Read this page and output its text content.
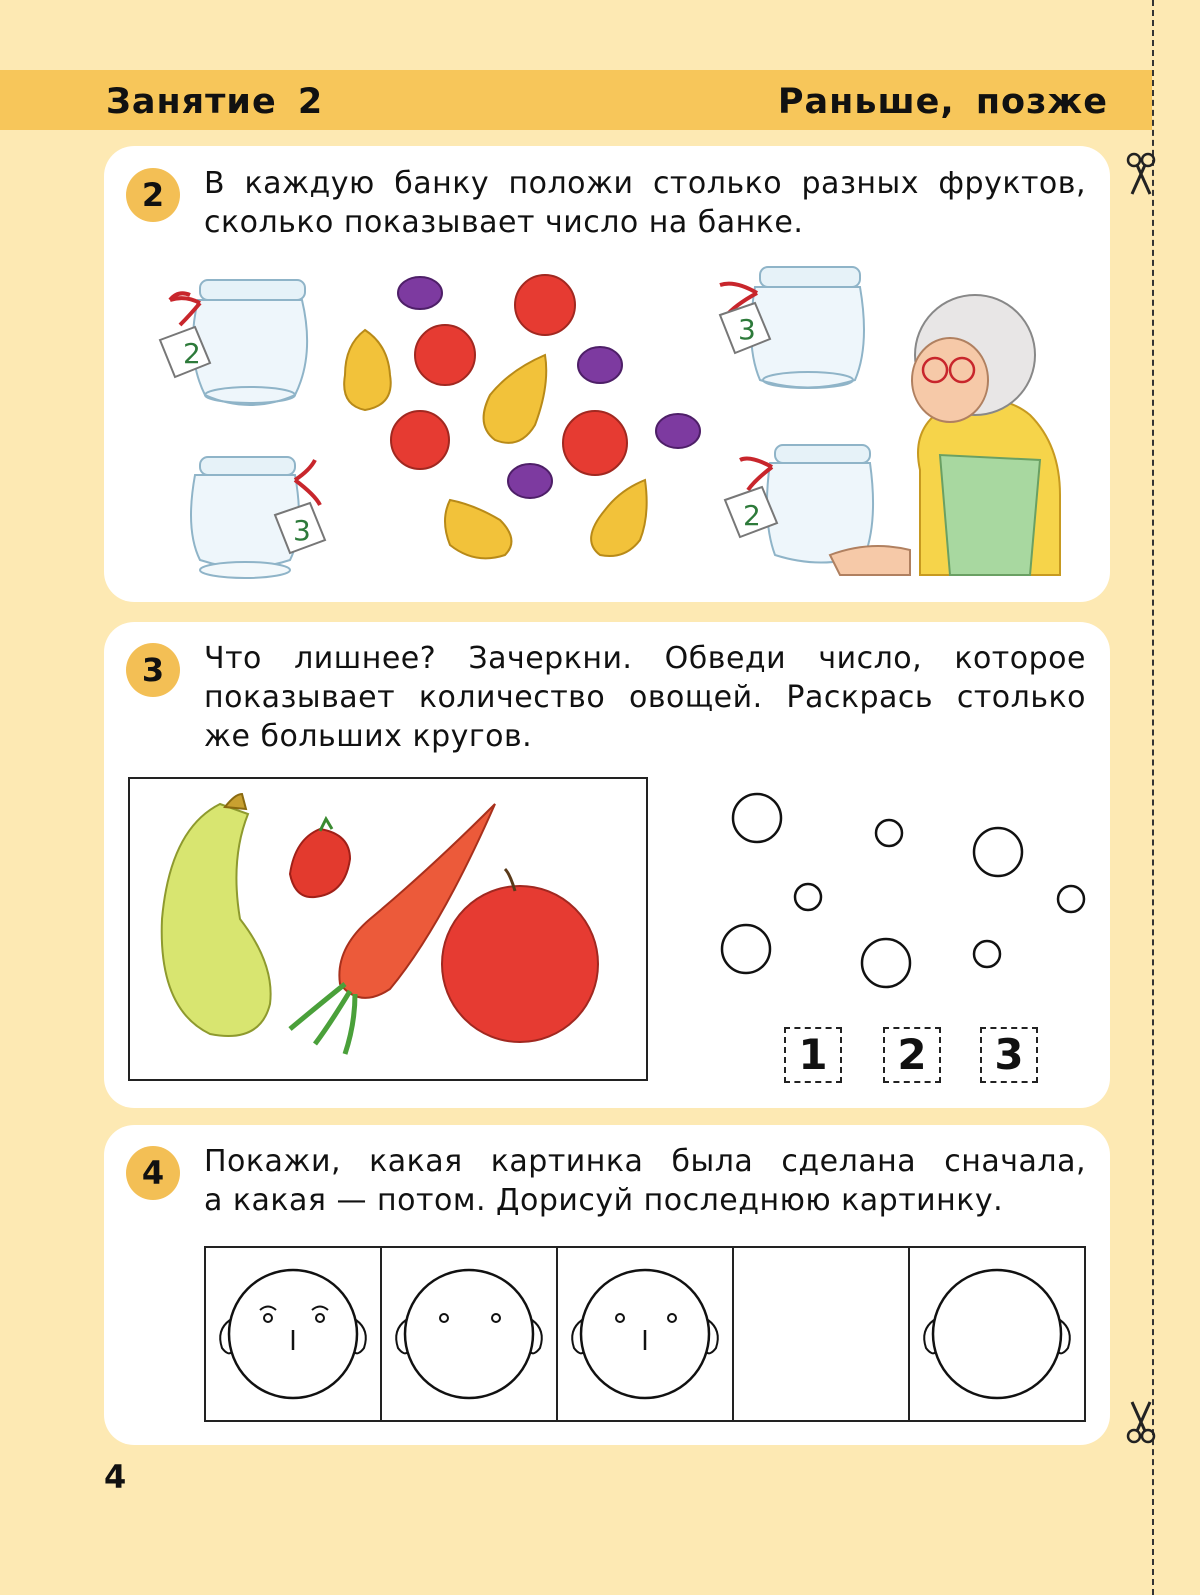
Занятие 2	Раньше, позже
2	В каждую банку положи столько разных фруктов,
сколько показывает число на банке.
2
3
3
2
3	Что лишнее? Зачеркни. Обведи число, которое
показывает количество овощей. Раскрась столько
же больших кругов.
1	2	3
4	Покажи, какая картинка была сделана сначала,
а какая — потом. Дорисуй последнюю картинку.
4
